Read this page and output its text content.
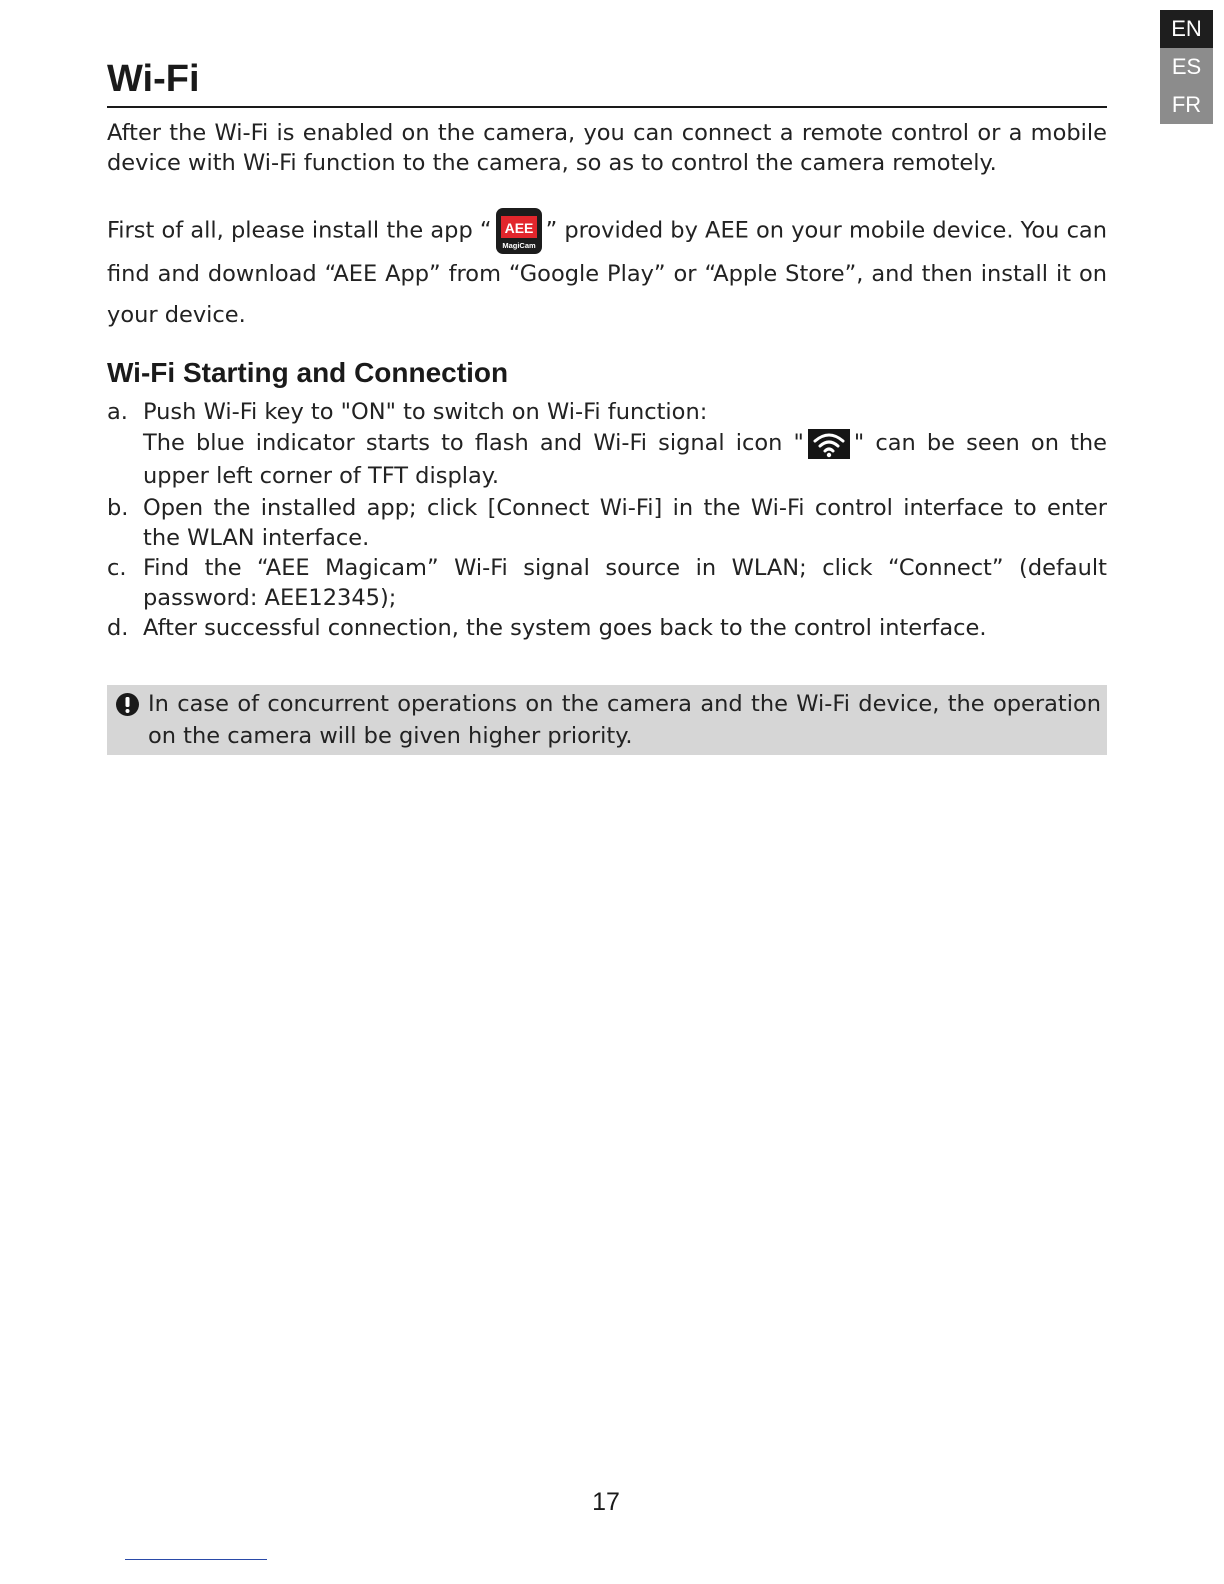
EN
ES
FR
Wi-Fi

After the Wi-Fi is enabled on the camera, you can connect a remote control or a mobile device with Wi-Fi function to the camera, so as to control the camera remotely.

First of all, please install the app “ AEE
MagiCam
” provided by AEE on your mobile device. You can find and download “AEE App” from “Google Play” or “Apple Store”, and then install it on your device.

Wi-Fi Starting and Connection
a. Push Wi-Fi key to "ON" to switch on Wi-Fi function:
The blue indicator starts to flash and Wi-Fi signal icon " " can be seen on the upper left corner of TFT display.
b. Open the installed app; click [Connect Wi-Fi] in the Wi-Fi control interface to enter the WLAN interface.
c. Find the “AEE Magicam” Wi-Fi signal source in WLAN; click “Connect” (default password: AEE12345);
d. After successful connection, the system goes back to the control interface.
In case of concurrent operations on the camera and the Wi-Fi device, the operation on the camera will be given higher priority.
17
